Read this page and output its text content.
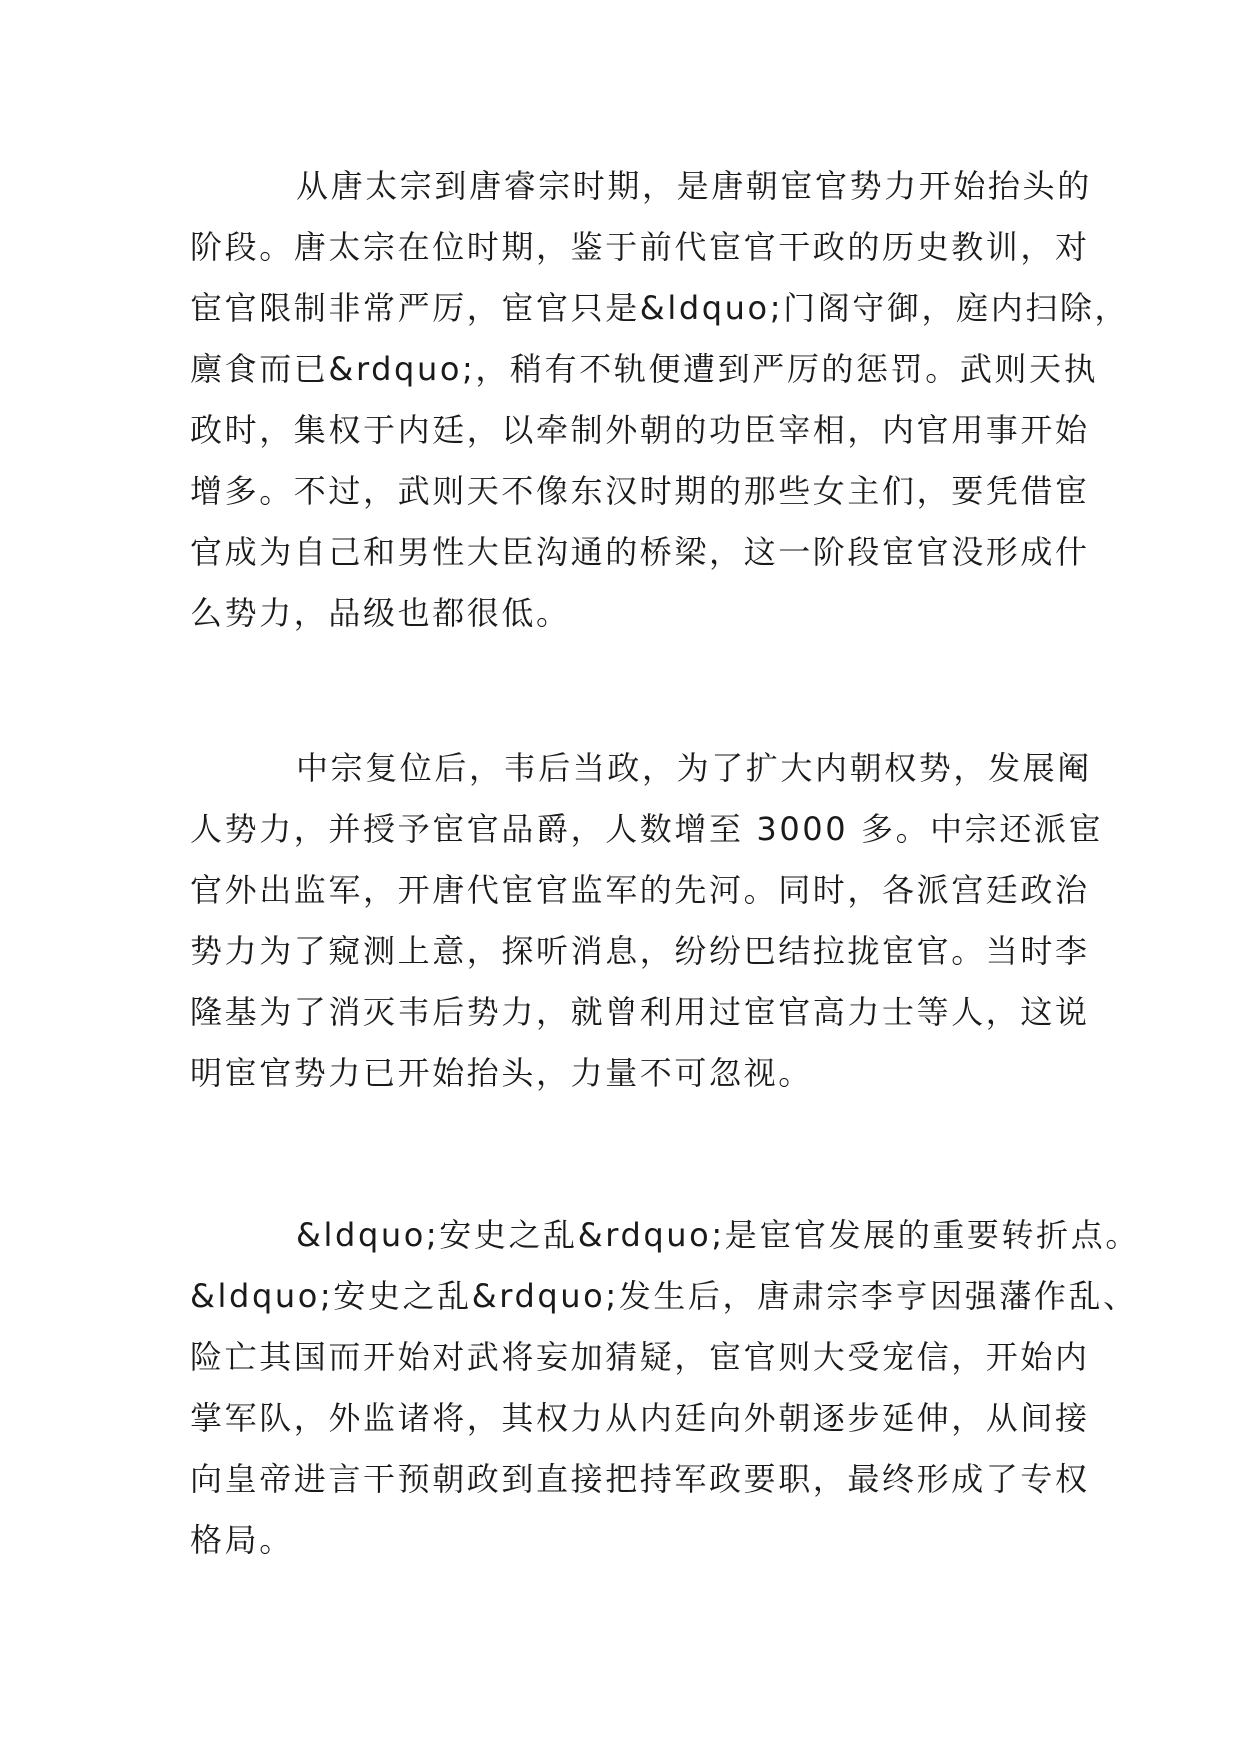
从唐太宗到唐睿宗时期，是唐朝宦官势力开始抬头的
阶段。唐太宗在位时期，鉴于前代宦官干政的历史教训，对
宦官限制非常严厉，宦官只是&ldquo;门阁守御，庭内扫除，
廪食而已&rdquo;，稍有不轨便遭到严厉的惩罚。武则天执
政时，集权于内廷，以牵制外朝的功臣宰相，内官用事开始
增多。不过，武则天不像东汉时期的那些女主们，要凭借宦
官成为自己和男性大臣沟通的桥梁，这一阶段宦官没形成什
么势力，品级也都很低。
中宗复位后，韦后当政，为了扩大内朝权势，发展阉
人势力，并授予宦官品爵，人数增至 3000 多。中宗还派宦
官外出监军，开唐代宦官监军的先河。同时，各派宫廷政治
势力为了窥测上意，探听消息，纷纷巴结拉拢宦官。当时李
隆基为了消灭韦后势力，就曾利用过宦官高力士等人，这说
明宦官势力已开始抬头，力量不可忽视。
&ldquo;安史之乱&rdquo;是宦官发展的重要转折点。
&ldquo;安史之乱&rdquo;发生后，唐肃宗李亨因强藩作乱、
险亡其国而开始对武将妄加猜疑，宦官则大受宠信，开始内
掌军队，外监诸将，其权力从内廷向外朝逐步延伸，从间接
向皇帝进言干预朝政到直接把持军政要职，最终形成了专权
格局。
